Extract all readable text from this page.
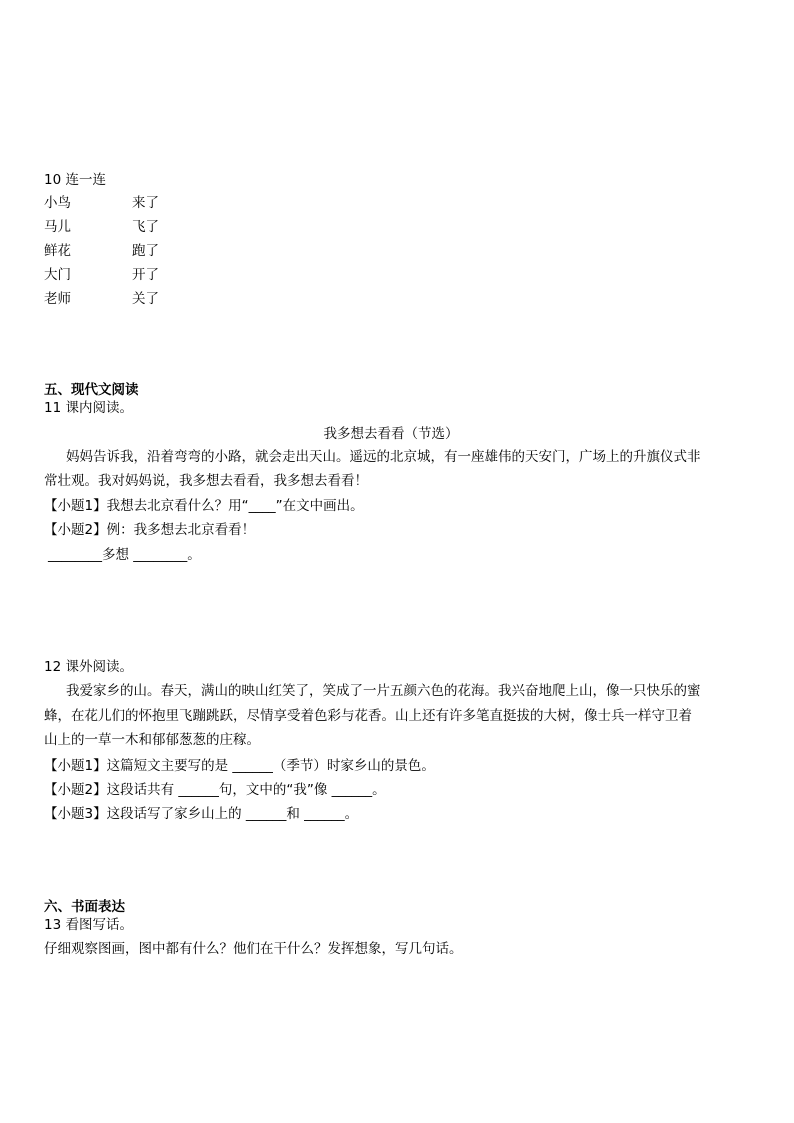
10 连一连
小鸟	来了
马儿	飞了
鲜花	跑了
大门	开了
老师	关了
五、现代文阅读
11 课内阅读。
我多想去看看（节选）
妈妈告诉我，沿着弯弯的小路，就会走出天山。遥远的北京城，有一座雄伟的天安门，广场上的升旗仪式非
常壮观。我对妈妈说，我多想去看看，我多想去看看！
【小题1】我想去北京看什么？用“____”在文中画出。
【小题2】例：我多想去北京看看！
________多想 ________。
12 课外阅读。
我爱家乡的山。春天，满山的映山红笑了，笑成了一片五颜六色的花海。我兴奋地爬上山，像一只快乐的蜜
蜂，在花儿们的怀抱里飞蹦跳跃，尽情享受着色彩与花香。山上还有许多笔直挺拔的大树，像士兵一样守卫着
山上的一草一木和郁郁葱葱的庄稼。
【小题1】这篇短文主要写的是 ______（季节）时家乡山的景色。
【小题2】这段话共有 ______句，文中的“我”像 ______。
【小题3】这段话写了家乡山上的 ______和 ______。
六、书面表达
13 看图写话。
仔细观察图画，图中都有什么？他们在干什么？发挥想象，写几句话。
